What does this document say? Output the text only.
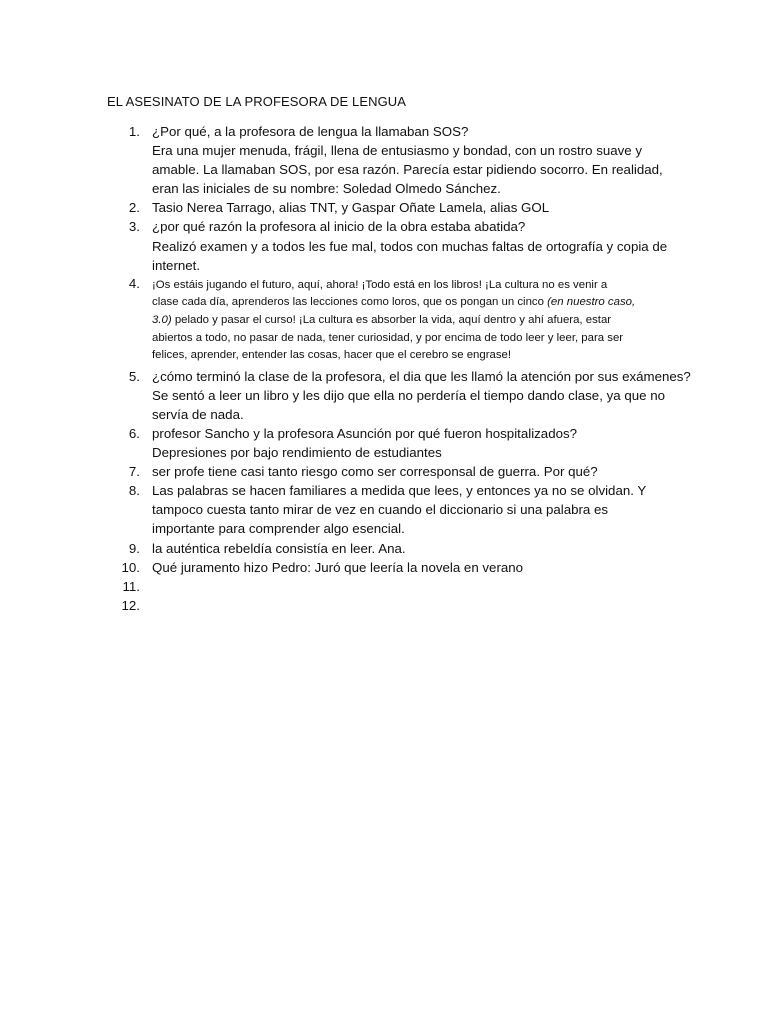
EL ASESINATO DE LA PROFESORA DE LENGUA
1. ¿Por qué, a la profesora de lengua la llamaban SOS?
Era una mujer menuda, frágil, llena de entusiasmo y bondad, con un rostro suave y
amable. La llamaban SOS, por esa razón. Parecía estar pidiendo socorro. En realidad,
eran las iniciales de su nombre: Soledad Olmedo Sánchez.
2. Tasio Nerea Tarrago, alias TNT, y Gaspar Oñate Lamela, alias GOL
3. ¿por qué razón la profesora al inicio de la obra estaba abatida?
Realizó examen y a todos les fue mal, todos con muchas faltas de ortografía y copia de
internet.
4. ¡Os estáis jugando el futuro, aquí, ahora! ¡Todo está en los libros! ¡La cultura no es venir a
clase cada día, aprenderos las lecciones como loros, que os pongan un cinco (en nuestro caso,
3.0) pelado y pasar el curso! ¡La cultura es absorber la vida, aquí dentro y ahí afuera, estar
abiertos a todo, no pasar de nada, tener curiosidad, y por encima de todo leer y leer, para ser
felices, aprender, entender las cosas, hacer que el cerebro se engrase!
5. ¿cómo terminó la clase de la profesora, el dia que les llamó la atención por sus exámenes?
Se sentó a leer un libro y les dijo que ella no perdería el tiempo dando clase, ya que no
servía de nada.
6. profesor Sancho y la profesora Asunción por qué fueron hospitalizados?
Depresiones por bajo rendimiento de estudiantes
7. ser profe tiene casi tanto riesgo como ser corresponsal de guerra. Por qué?
8. Las palabras se hacen familiares a medida que lees, y entonces ya no se olvidan. Y
tampoco cuesta tanto mirar de vez en cuando el diccionario si una palabra es
importante para comprender algo esencial.
9. la auténtica rebeldía consistía en leer. Ana.
10. Qué juramento hizo Pedro: Juró que leería la novela en verano
11.

12.
